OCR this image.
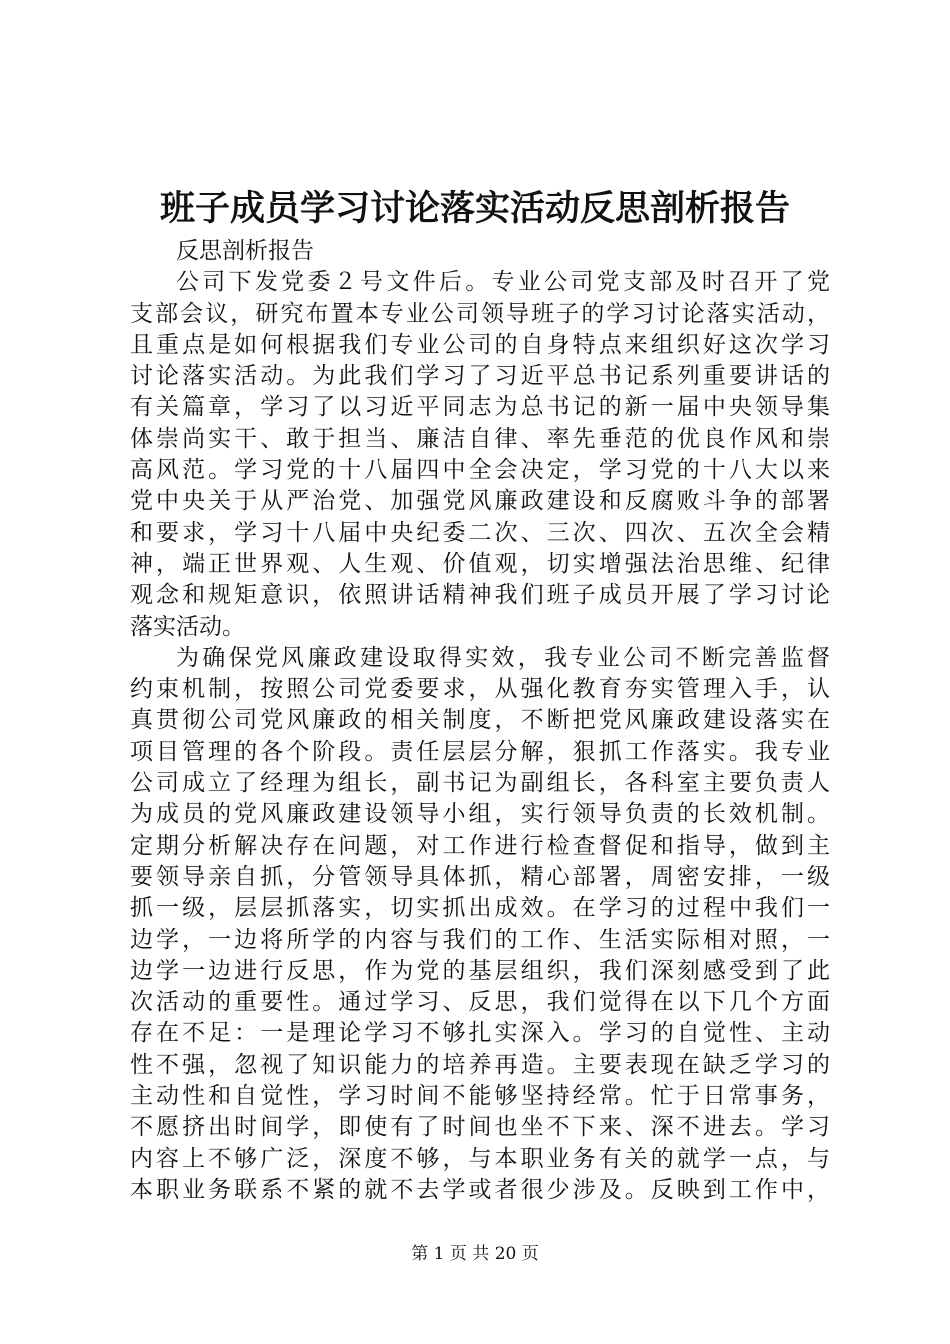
班子成员学习讨论落实活动反思剖析报告
反思剖析报告
公司下发党委２号文件后。专业公司党支部及时召开了党
支部会议，研究布置本专业公司领导班子的学习讨论落实活动，
且重点是如何根据我们专业公司的自身特点来组织好这次学习
讨论落实活动。为此我们学习了习近平总书记系列重要讲话的
有关篇章，学习了以习近平同志为总书记的新一届中央领导集
体崇尚实干、敢于担当、廉洁自律、率先垂范的优良作风和崇
高风范。学习党的十八届四中全会决定，学习党的十八大以来
党中央关于从严治党、加强党风廉政建设和反腐败斗争的部署
和要求，学习十八届中央纪委二次、三次、四次、五次全会精
神，端正世界观、人生观、价值观，切实增强法治思维、纪律
观念和规矩意识，依照讲话精神我们班子成员开展了学习讨论
落实活动。
为确保党风廉政建设取得实效，我专业公司不断完善监督
约束机制，按照公司党委要求，从强化教育夯实管理入手，认
真贯彻公司党风廉政的相关制度，不断把党风廉政建设落实在
项目管理的各个阶段。责任层层分解，狠抓工作落实。我专业
公司成立了经理为组长，副书记为副组长，各科室主要负责人
为成员的党风廉政建设领导小组，实行领导负责的长效机制。
定期分析解决存在问题，对工作进行检查督促和指导，做到主
要领导亲自抓，分管领导具体抓，精心部署，周密安排，一级
抓一级，层层抓落实，切实抓出成效。在学习的过程中我们一
边学，一边将所学的内容与我们的工作、生活实际相对照，一
边学一边进行反思，作为党的基层组织，我们深刻感受到了此
次活动的重要性。通过学习、反思，我们觉得在以下几个方面
存在不足：一是理论学习不够扎实深入。学习的自觉性、主动
性不强，忽视了知识能力的培养再造。主要表现在缺乏学习的
主动性和自觉性，学习时间不能够坚持经常。忙于日常事务，
不愿挤出时间学，即使有了时间也坐不下来、深不进去。学习
内容上不够广泛，深度不够，与本职业务有关的就学一点，与
本职业务联系不紧的就不去学或者很少涉及。反映到工作中，
第 1 页 共 20 页
